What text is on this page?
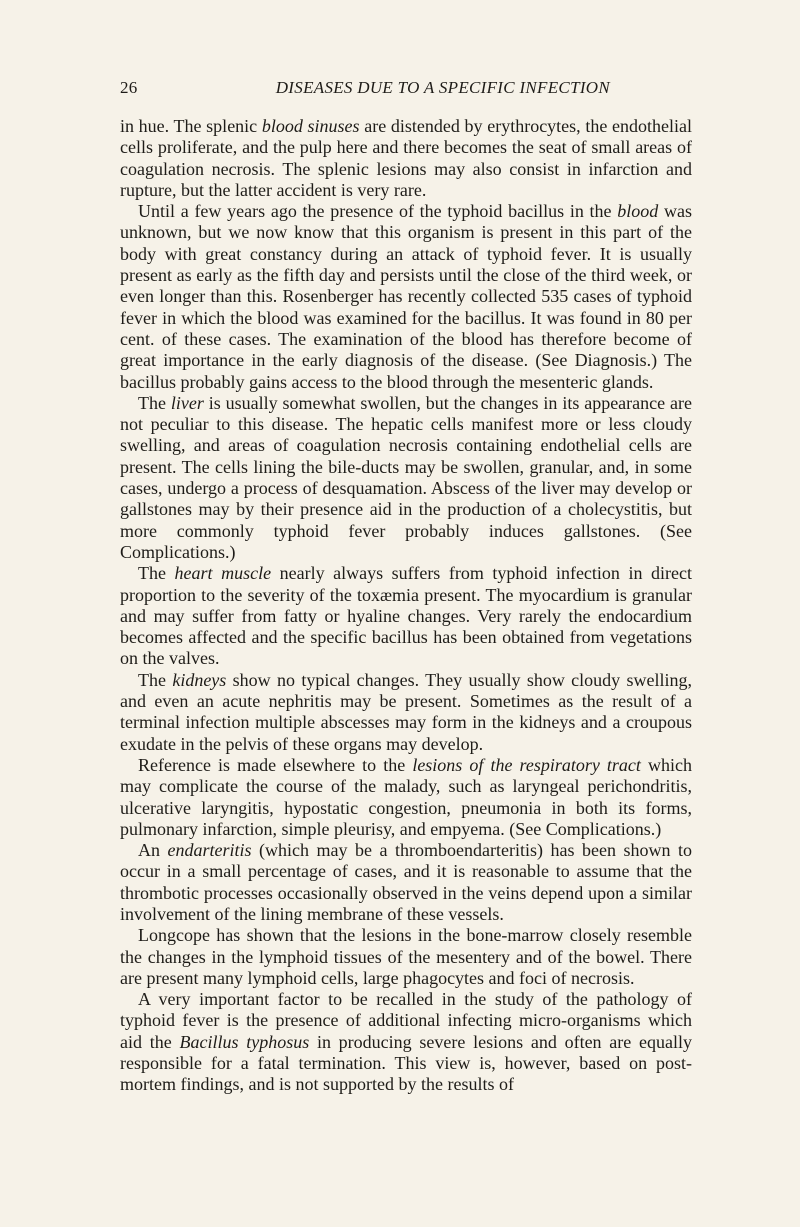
26	DISEASES DUE TO A SPECIFIC INFECTION

in hue. The splenic blood sinuses are distended by erythrocytes, the endothelial cells proliferate, and the pulp here and there becomes the seat of small areas of coagulation necrosis. The splenic lesions may also consist in infarction and rupture, but the latter accident is very rare.

Until a few years ago the presence of the typhoid bacillus in the blood was unknown, but we now know that this organism is present in this part of the body with great constancy during an attack of typhoid fever. It is usually present as early as the fifth day and persists until the close of the third week, or even longer than this. Rosenberger has recently collected 535 cases of typhoid fever in which the blood was examined for the bacillus. It was found in 80 per cent. of these cases. The examination of the blood has therefore become of great importance in the early diagnosis of the disease. (See Diagnosis.) The bacillus probably gains access to the blood through the mesenteric glands.

The liver is usually somewhat swollen, but the changes in its appearance are not peculiar to this disease. The hepatic cells manifest more or less cloudy swelling, and areas of coagulation necrosis containing endothelial cells are present. The cells lining the bile-ducts may be swollen, granular, and, in some cases, undergo a process of desquamation. Abscess of the liver may develop or gallstones may by their presence aid in the production of a cholecystitis, but more commonly typhoid fever probably induces gallstones. (See Complications.)

The heart muscle nearly always suffers from typhoid infection in direct proportion to the severity of the toxæmia present. The myocardium is granular and may suffer from fatty or hyaline changes. Very rarely the endocardium becomes affected and the specific bacillus has been obtained from vegetations on the valves.

The kidneys show no typical changes. They usually show cloudy swelling, and even an acute nephritis may be present. Sometimes as the result of a terminal infection multiple abscesses may form in the kidneys and a croupous exudate in the pelvis of these organs may develop.

Reference is made elsewhere to the lesions of the respiratory tract which may complicate the course of the malady, such as laryngeal perichondritis, ulcerative laryngitis, hypostatic congestion, pneumonia in both its forms, pulmonary infarction, simple pleurisy, and empyema. (See Complications.)

An endarteritis (which may be a thromboendarteritis) has been shown to occur in a small percentage of cases, and it is reasonable to assume that the thrombotic processes occasionally observed in the veins depend upon a similar involvement of the lining membrane of these vessels.

Longcope has shown that the lesions in the bone-marrow closely resemble the changes in the lymphoid tissues of the mesentery and of the bowel. There are present many lymphoid cells, large phagocytes and foci of necrosis.

A very important factor to be recalled in the study of the pathology of typhoid fever is the presence of additional infecting micro-organisms which aid the Bacillus typhosus in producing severe lesions and often are equally responsible for a fatal termination. This view is, however, based on post-mortem findings, and is not supported by the results of
